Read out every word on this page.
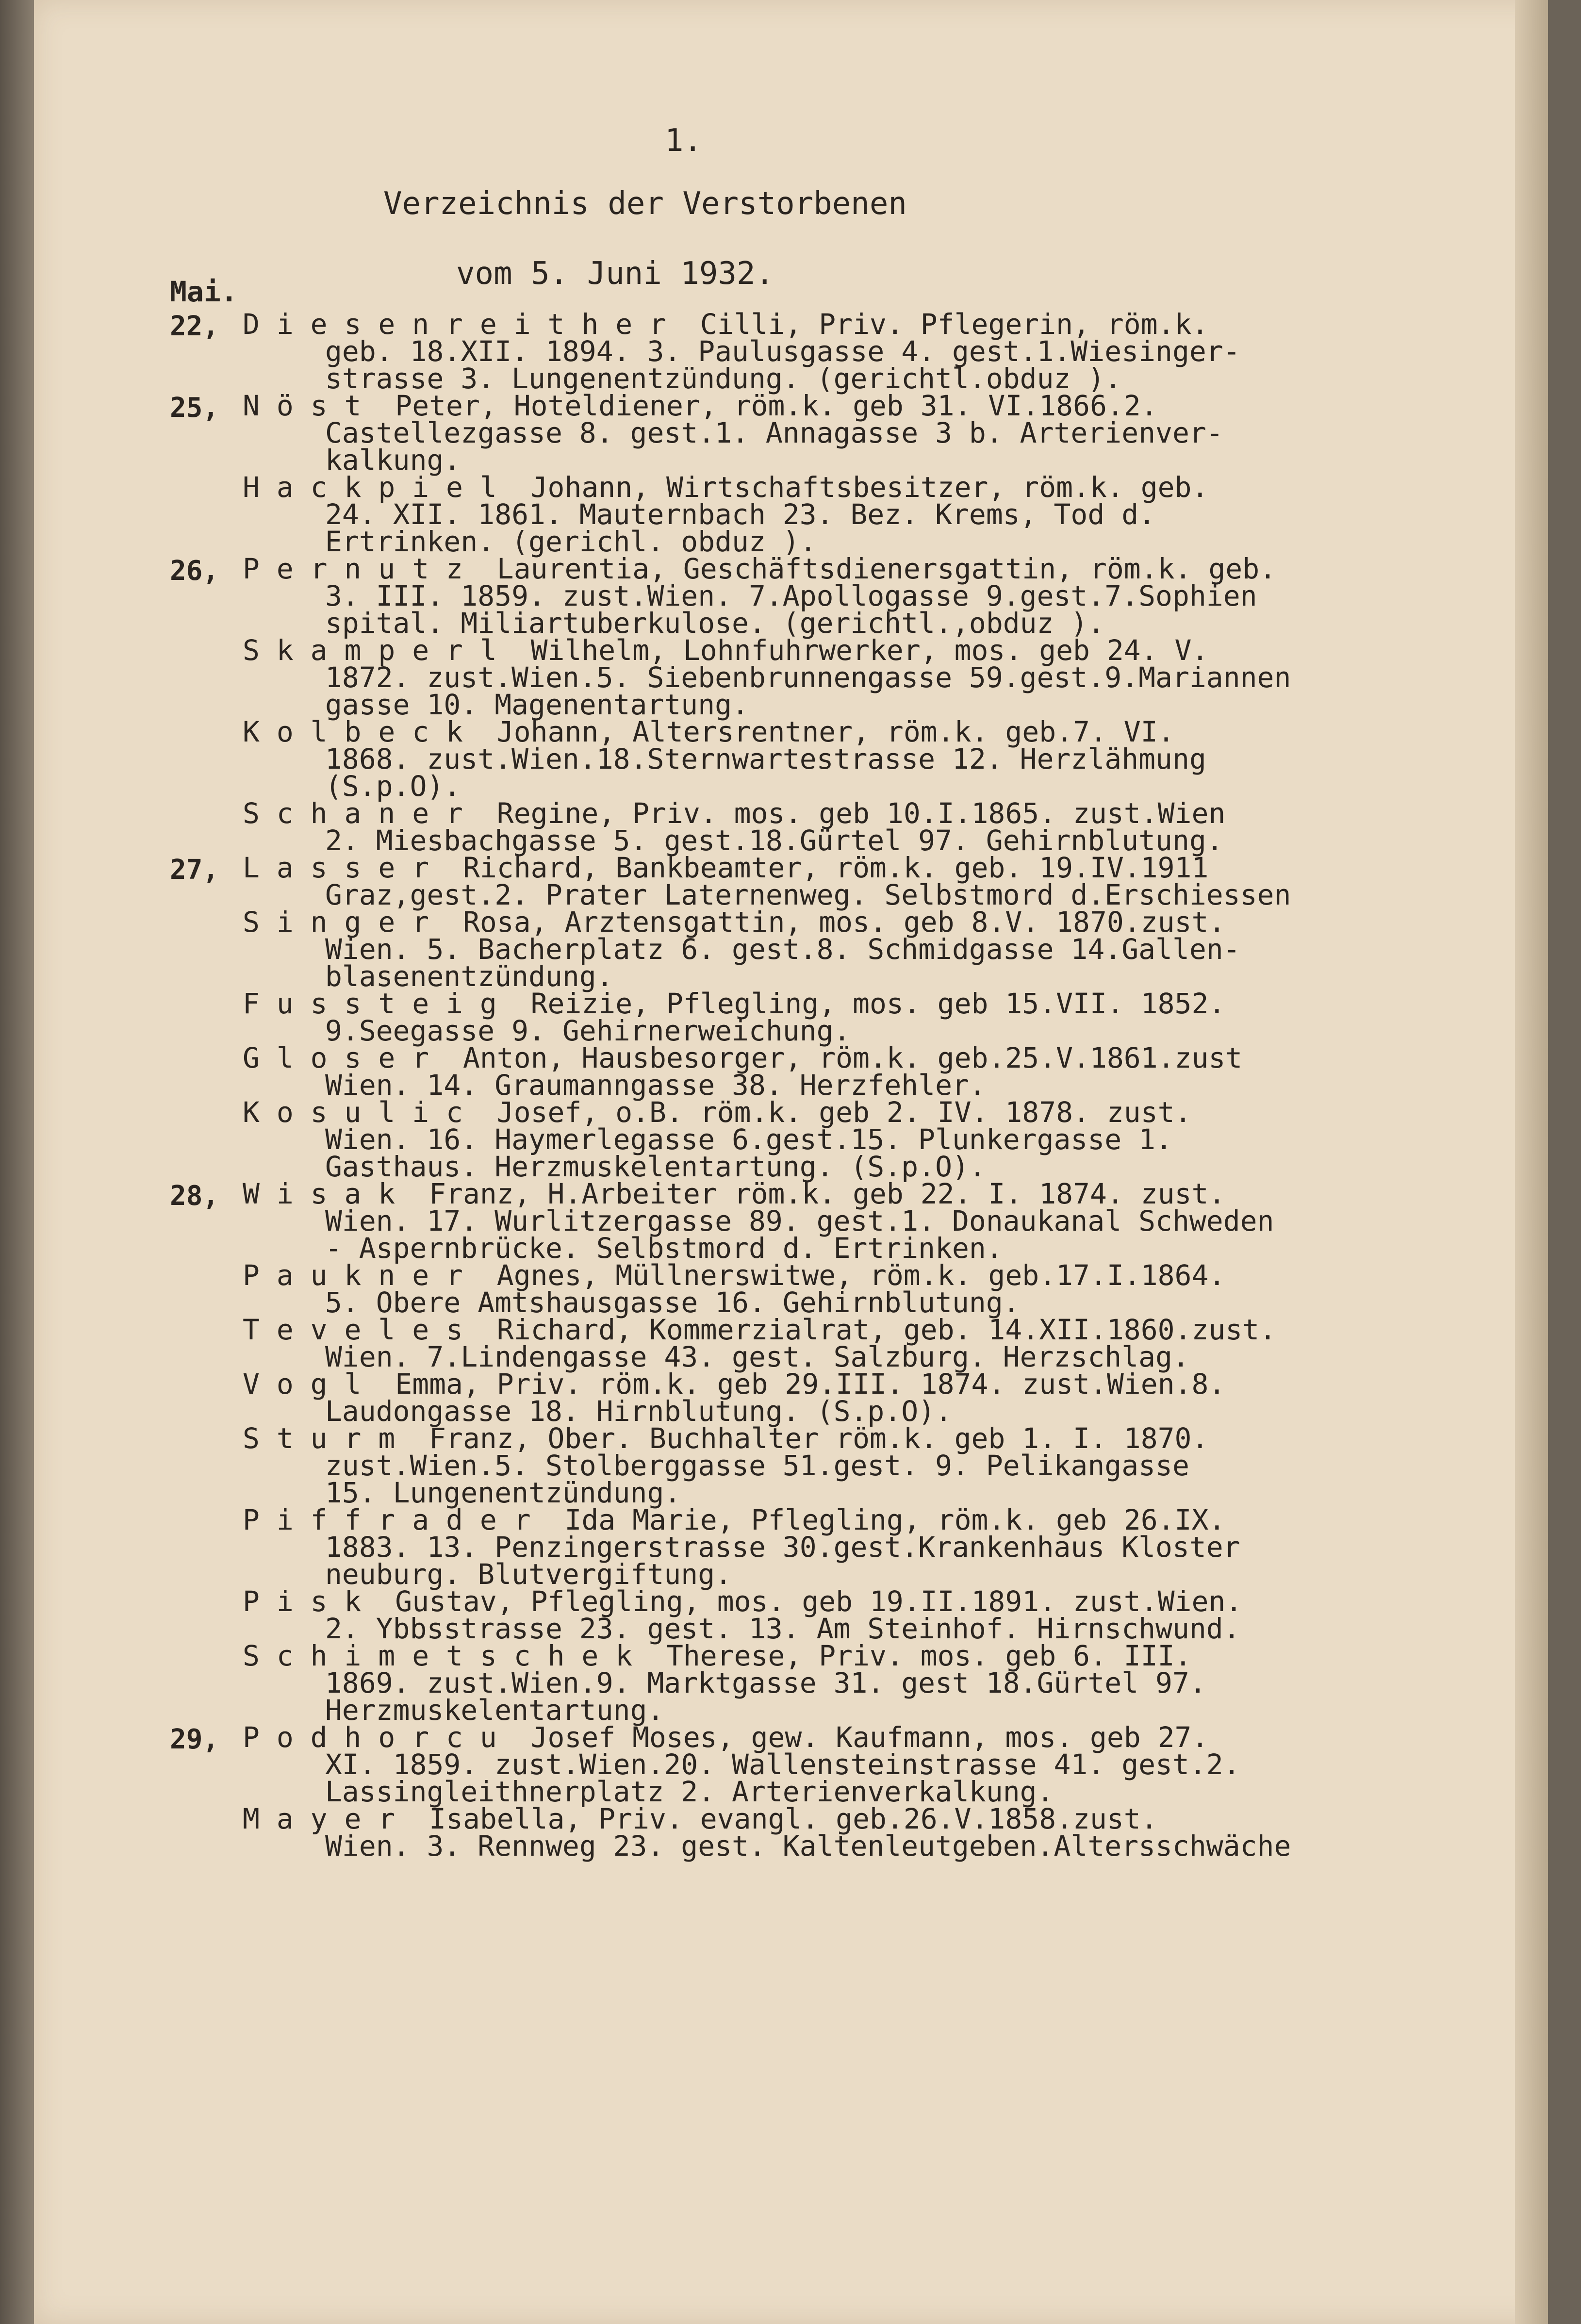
1.
Verzeichnis der Verstorbenen
vom 5. Juni 1932.
Mai.
22, D i e s e n r e i t h e r  Cilli, Priv. Pflegerin, röm.k.
geb. 18.XII. 1894. 3. Paulusgasse 4. gest.1.Wiesinger-
strasse 3. Lungenentzündung. (gerichtl.obduz ).
25, N ö s t  Peter, Hoteldiener, röm.k. geb 31. VI.1866.2.
Castellezgasse 8. gest.1. Annagasse 3 b. Arterienver-
kalkung.
H a c k p i e l  Johann, Wirtschaftsbesitzer, röm.k. geb.
24. XII. 1861. Mauternbach 23. Bez. Krems, Tod d.
Ertrinken. (gerichl. obduz ).
26, P e r n u t z  Laurentia, Geschäftsdienersgattin, röm.k. geb.
3. III. 1859. zust.Wien. 7.Apollogasse 9.gest.7.Sophien
spital. Miliartuberkulose. (gerichtl.,obduz ).
S k a m p e r l  Wilhelm, Lohnfuhrwerker, mos. geb 24. V.
1872. zust.Wien.5. Siebenbrunnengasse 59.gest.9.Mariannen
gasse 10. Magenentartung.
K o l b e c k  Johann, Altersrentner, röm.k. geb.7. VI.
1868. zust.Wien.18.Sternwartestrasse 12. Herzlähmung
(S.p.O).
S c h a n e r  Regine, Priv. mos. geb 10.I.1865. zust.Wien
2. Miesbachgasse 5. gest.18.Gürtel 97. Gehirnblutung.
27, L a s s e r  Richard, Bankbeamter, röm.k. geb. 19.IV.1911
Graz,gest.2. Prater Laternenweg. Selbstmord d.Erschiessen
S i n g e r  Rosa, Arztensgattin, mos. geb 8.V. 1870.zust.
Wien. 5. Bacherplatz 6. gest.8. Schmidgasse 14.Gallen-
blasenentzündung.
F u s s t e i g  Reizie, Pflegling, mos. geb 15.VII. 1852.
9.Seegasse 9. Gehirnerweichung.
G l o s e r  Anton, Hausbesorger, röm.k. geb.25.V.1861.zust
Wien. 14. Graumanngasse 38. Herzfehler.
K o s u l i c  Josef, o.B. röm.k. geb 2. IV. 1878. zust.
Wien. 16. Haymerlegasse 6.gest.15. Plunkergasse 1.
Gasthaus. Herzmuskelentartung. (S.p.O).
28, W i s a k  Franz, H.Arbeiter röm.k. geb 22. I. 1874. zust.
Wien. 17. Wurlitzergasse 89. gest.1. Donaukanal Schweden
- Aspernbrücke. Selbstmord d. Ertrinken.
P a u k n e r  Agnes, Müllnerswitwe, röm.k. geb.17.I.1864.
5. Obere Amtshausgasse 16. Gehirnblutung.
T e v e l e s  Richard, Kommerzialrat, geb. 14.XII.1860.zust.
Wien. 7.Lindengasse 43. gest. Salzburg. Herzschlag.
V o g l  Emma, Priv. röm.k. geb 29.III. 1874. zust.Wien.8.
Laudongasse 18. Hirnblutung. (S.p.O).
S t u r m  Franz, Ober. Buchhalter röm.k. geb 1. I. 1870.
zust.Wien.5. Stolberggasse 51.gest. 9. Pelikangasse
15. Lungenentzündung.
P i f f r a d e r  Ida Marie, Pflegling, röm.k. geb 26.IX.
1883. 13. Penzingerstrasse 30.gest.Krankenhaus Kloster
neuburg. Blutvergiftung.
P i s k  Gustav, Pflegling, mos. geb 19.II.1891. zust.Wien.
2. Ybbsstrasse 23. gest. 13. Am Steinhof. Hirnschwund.
S c h i m e t s c h e k  Therese, Priv. mos. geb 6. III.
1869. zust.Wien.9. Marktgasse 31. gest 18.Gürtel 97.
Herzmuskelentartung.
29, P o d h o r c u  Josef Moses, gew. Kaufmann, mos. geb 27.
XI. 1859. zust.Wien.20. Wallensteinstrasse 41. gest.2.
Lassingleithnerplatz 2. Arterienverkalkung.
M a y e r  Isabella, Priv. evangl. geb.26.V.1858.zust.
Wien. 3. Rennweg 23. gest. Kaltenleutgeben.Altersschwäche
